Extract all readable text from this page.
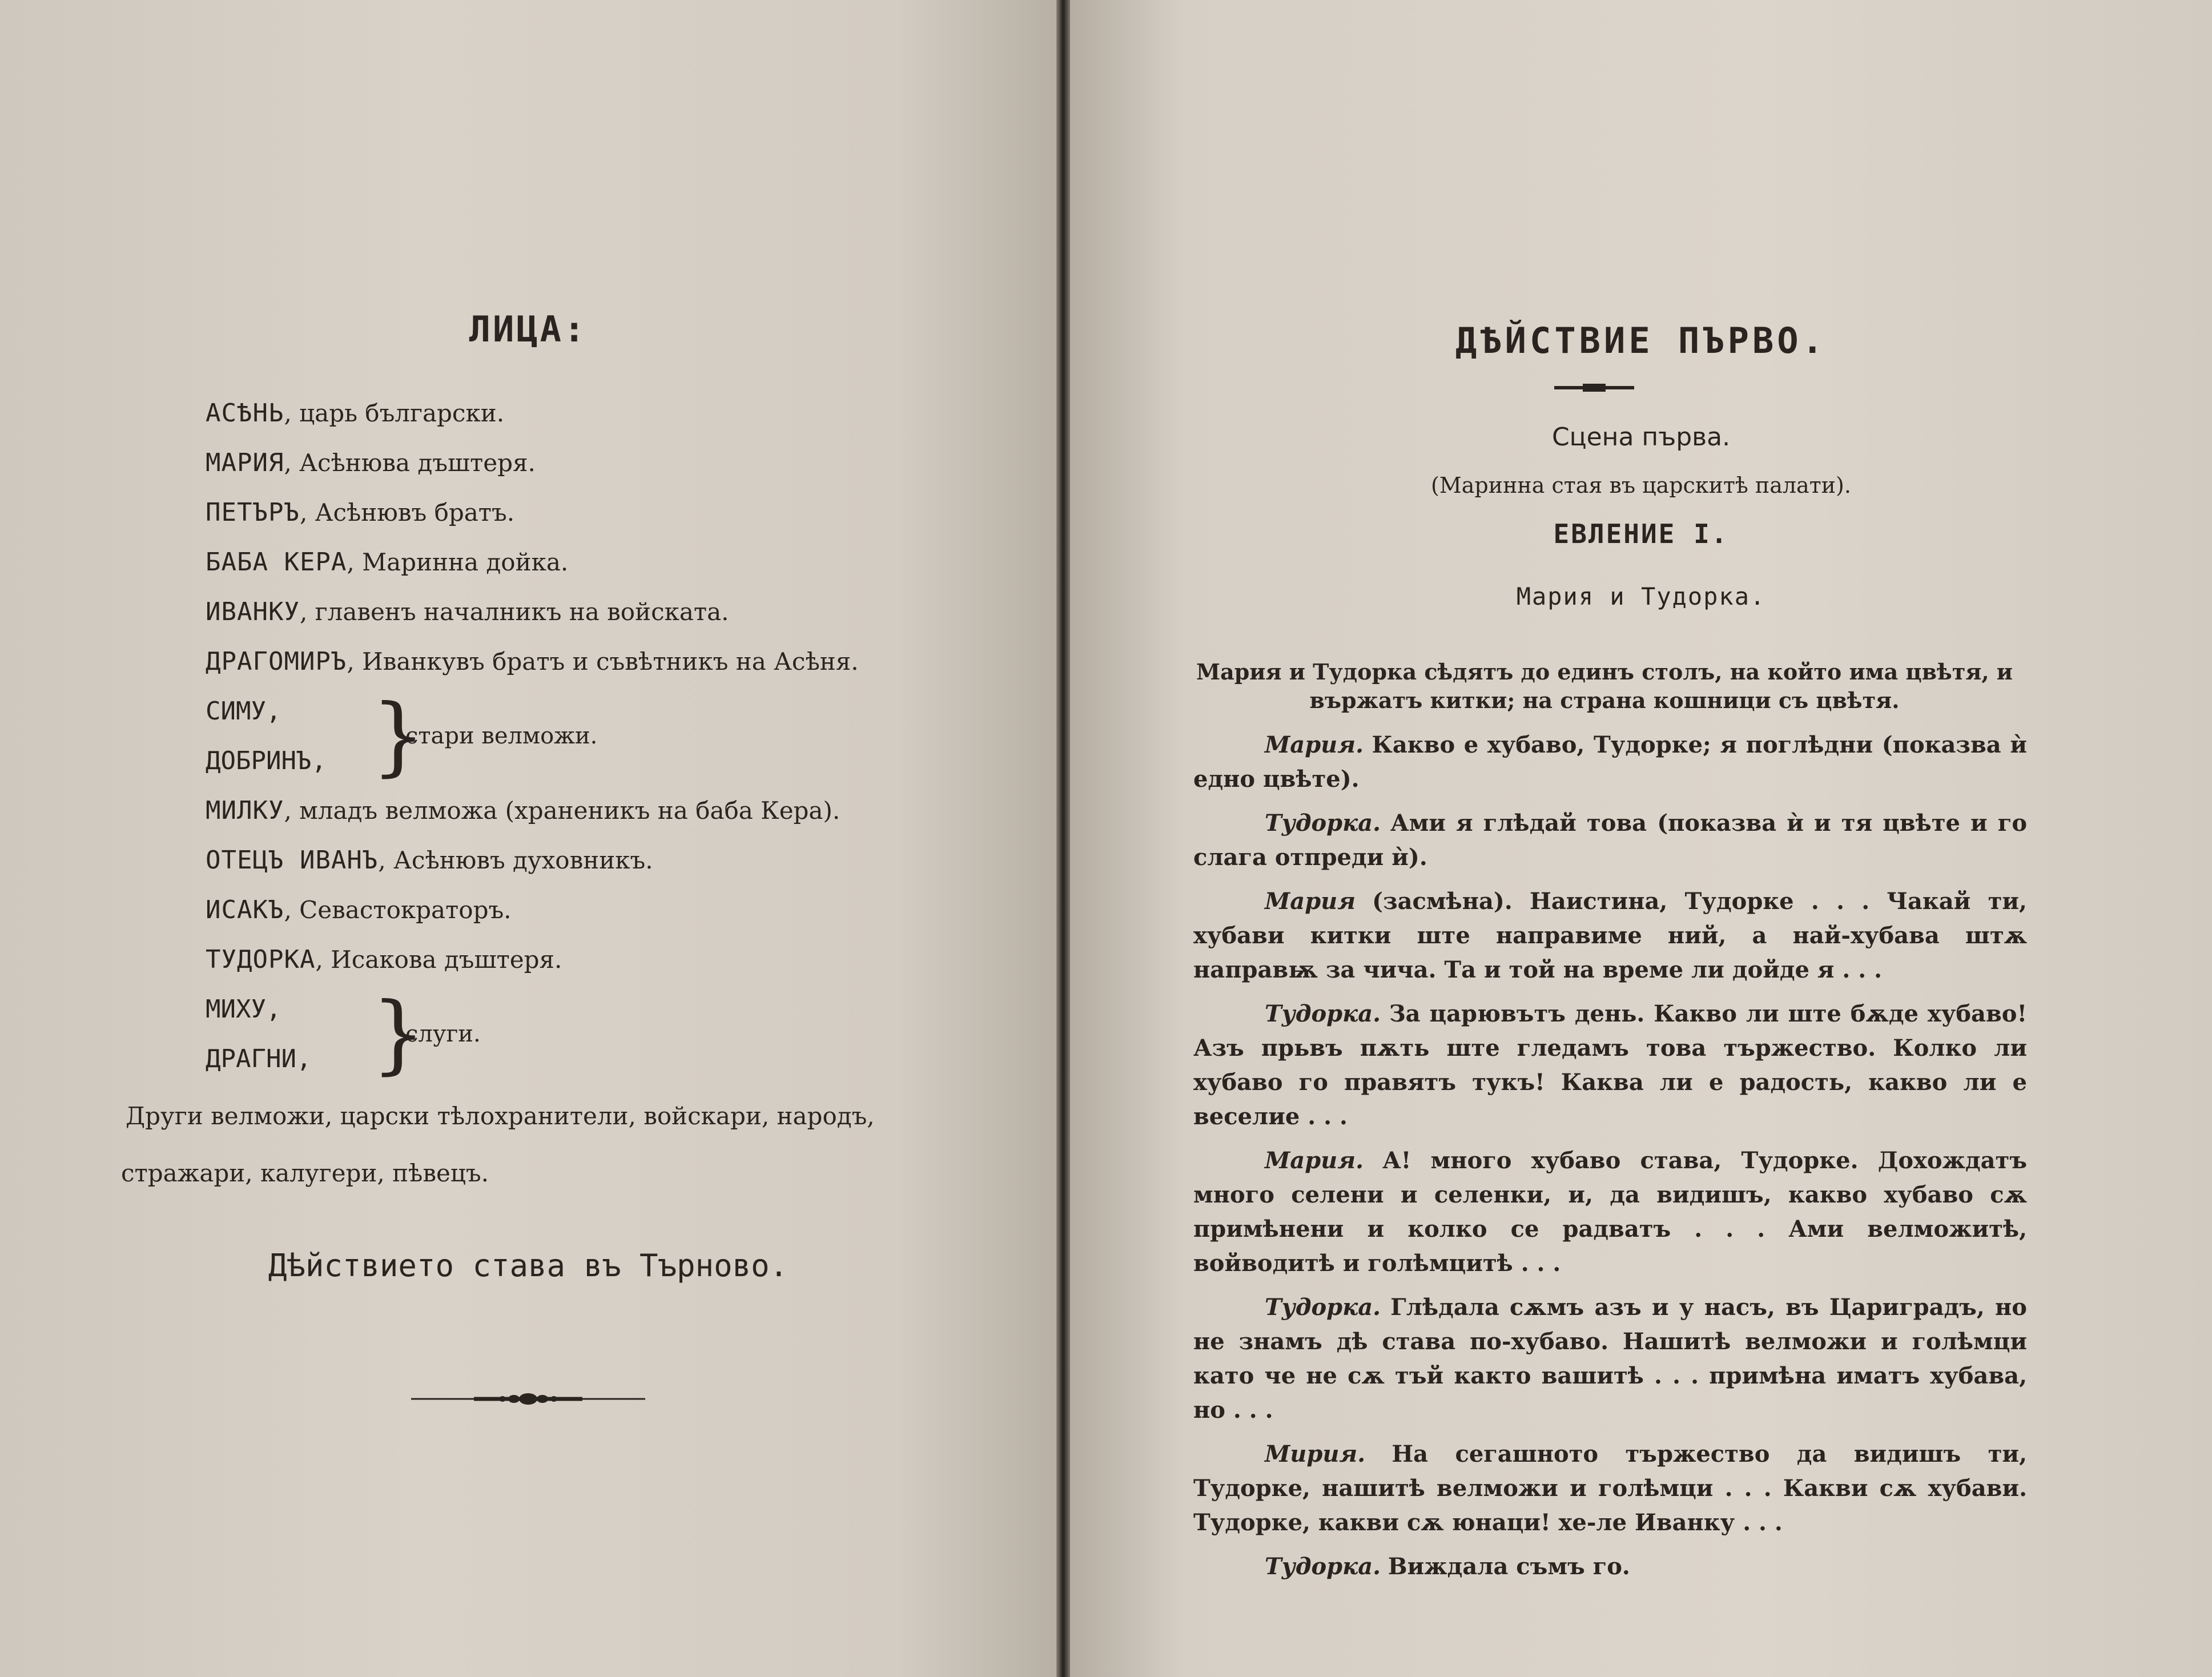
ЛИЦА:
АСѢНЬ, царь български.
МАРИЯ, Асѣнюва дъштеря.
ПЕТЪРЪ, Асѣнювъ братъ.
БАБА КЕРА, Маринна дойка.
ИВАНКУ, главенъ началникъ на войската.
ДРАГОМИРЪ, Иванкувъ братъ и съвѣтникъ на Асѣня.
СИМУ,
ДОБРИНЪ, }
стари велможи.
МИЛКУ, младъ велможа (храненикъ на баба Кера).
ОТЕЦЪ ИВАНЪ, Асѣнювъ духовникъ.
ИСАКЪ, Севастократоръ.
ТУДОРКА, Исакова дъштеря.
МИХУ,
ДРАГНИ, }
слуги.
Други велможи, царски тѣлохранители, войскари, народъ,
стражари, калугери, пѣвецъ.
Дѣйствието става въ Търново.
ДѢЙСТВИЕ ПЪРВО.
Сцена първа.
(Маринна стая въ царскитѣ палати).
ЕВЛЕНИЕ I.
Мария и Тудорка.
Мария и Тудорка сѣдятъ до единъ столъ, на който има цвѣтя, и вържатъ китки; на страна кошници съ цвѣтя.
Мария. Какво е хубаво, Тудорке; я поглѣдни (показва ѝ едно цвѣте).
Тудорка. Ами я глѣдай това (показва ѝ и тя цвѣте и го слага отпреди ѝ).
Мария (засмѣна). Наистина, Тудорке . . . Чакай ти, хубави китки ште направиме ний, а най-хубава штѫ направѭ за чича. Та и той на време ли дойде я . . .
Тудорка. За царювътъ день. Какво ли ште бѫде хубаво! Азъ прьвъ пѫть ште гледамъ това тържество. Колко ли хубаво го правятъ тукъ! Каква ли е радость, какво ли е веселие . . .
Мария. А! много хубаво става, Тудорке. Дохождатъ много селени и селенки, и, да видишъ, какво хубаво сѫ примѣнени и колко се радватъ . . . Ами велможитѣ, войводитѣ и голѣмцитѣ . . .
Тудорка. Глѣдала сѫмъ азъ и у насъ, въ Цариградъ, но не знамъ дѣ става по-хубаво. Нашитѣ велможи и голѣмци като че не сѫ тъй както вашитѣ . . . примѣна иматъ хубава, но . . .
Мирия. На сегашното тържество да видишъ ти, Тудорке, нашитѣ велможи и голѣмци . . . Какви сѫ хубави. Тудорке, какви сѫ юнаци! хе-ле Иванку . . .
Тудорка. Виждала съмъ го.
